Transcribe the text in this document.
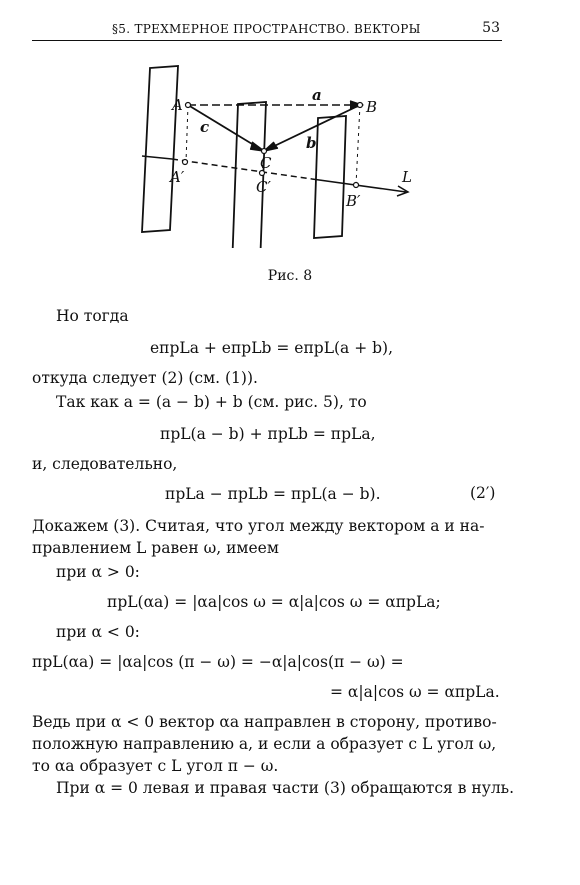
§5. ТРЕХМЕРНОЕ ПРОСТРАНСТВО. ВЕКТОРЫ	53
A	B
C
A′
C′
B′
a
b
c
L
Рис. 8
Но тогда
eпрLa + eпрLb = eпрL(a + b),
откуда следует (2) (см. (1)).
Так как a = (a − b) + b (см. рис. 5), то
прL(a − b) + прLb = прLa,
и, следовательно,
прLa − прLb = прL(a − b).	(2′)
Докажем (3). Считая, что угол между вектором a и на-
правлением L равен ω, имеем
при α > 0:
прL(αa) = |αa|cos ω = α|a|cos ω = αпрLa;
при α < 0:
прL(αa) = |αa|cos (π − ω) = −α|a|cos(π − ω) =
= α|a|cos ω = αпрLa.
Ведь при α < 0 вектор αa направлен в сторону, противо-
положную направлению a, и если a образует с L угол ω,
то αa образует с L угол π − ω.
При α = 0 левая и правая части (3) обращаются в нуль.
